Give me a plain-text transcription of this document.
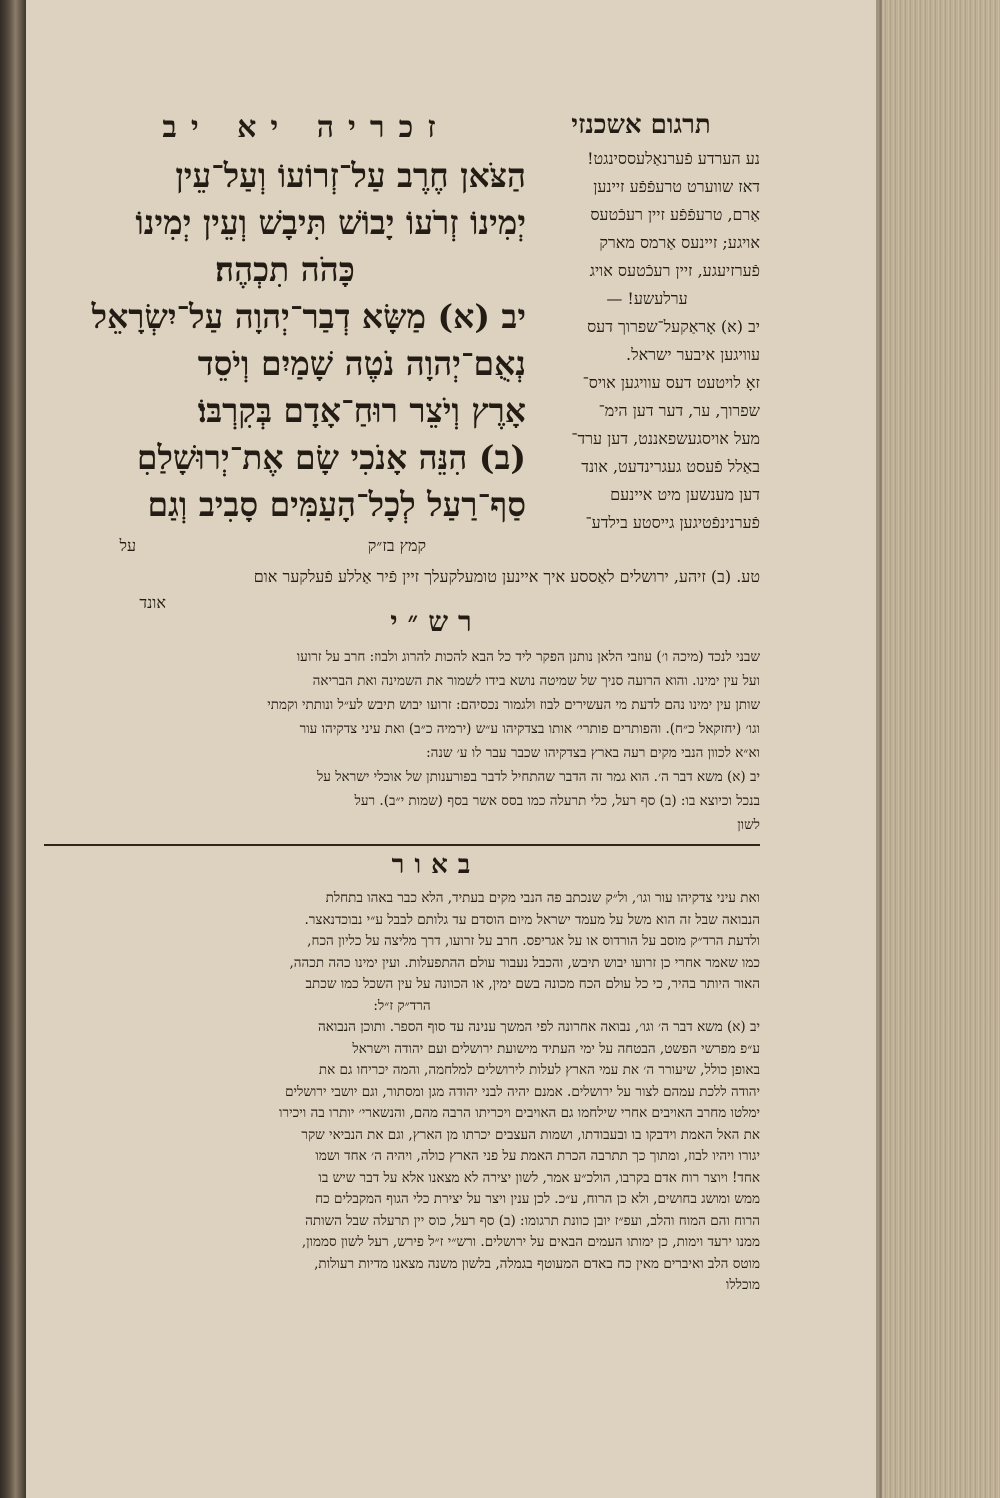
זכריה יא יב	תרגום אשכנזי
הַצֹּאן חֶרֶב עַל־זְרוֹעוֹ וְעַל־עֵין
יְמִינוֹ זְרֹעוֹ יָבוֹשׁ תִּיבָשׁ וְעֵין יְמִינוֹ
כָּהֹה תִכְהֶה׃
יב (א) מַשָּׂא דְבַר־יְהוָה עַל־יִשְׂרָאֵל
נְאֻם־יְהוָה נֹטֶה שָׁמַיִם וְיֹסֵד
אָרֶץ וְיֹצֵר רוּחַ־אָדָם בְּקִרְבּוֹ׃
(ב) הִנֵּה אָנֹכִי שָׂם אֶת־יְרוּשָׁלַםִ
סַף־רַעַל לְכָל־הָעַמִּים סָבִיב וְגַם
נע הערדע פֿערנאַלעססינגט!
דאז שווערט טרעפֿפֿע זיינען
אַרם, טרעפֿפֿע זיין רעכֿטעס
אויגע; זיינעס אַרמס מארק
פֿערזיעגע, זיין רעכֿטעס אויג
ערלעשע! —
יב (א) אָראַקעל־שפרוך דעס
עוויגען איבער ישראל.
זאָ לויטעט דעס עוויגען אויס־
שפרוך, ער, דער דען הימ־
מעל אויסגעשפאננט, דען ערד־
באַלל פֿעסט געגרינדעט, אונד
דען מענשען מיט איינעם
פֿערנינפֿטיגען גייסטע בילדע־
על	קמץ בז״ק
טע. (ב) זיהע, ירושלים לאַססע איך איינען טומעלקעלך זיין פֿיר אַללע פֿעלקער אום
אונד
רש״י
שבני לנכד (מיכה ו׳) עוזבי הלאן נותנן הפקר ליד כל הבא להכות להרוג ולבוז: חרב על זרועו
ועל עין ימינו. והוא הרועה סניך של שמיטה נושא בידו לשמור את השמינה ואת הבריאה
שותן עין ימינו נהם לדעת מי העשירים לבוז ולגמור נכסיהם: זרועו יבוש תיבש לע״ל ונותתי וקמתי
וגו׳ (יחזקאל כ״ח). והפותרים פותרי׳ אותו בצדקיהו ע״ש (ירמיה כ״ב) ואת עיני צדקיהו עור
וא״א לכוון הנבי מקים רעה בארץ בצדקיהו שכבר עבר לו ע׳ שנה:
יב (א) משא דבר ה׳. הוא גמר זה הדבר שהתחיל לדבר בפורענותן של אוכלי ישראל על
בנכל וכיוצא בו: (ב) סף רעל, כלי תרעלה כמו בסס אשר בסף (שמות י״ב). רעל
לשון
באור
ואת עיני צדקיהו עור וגו׳, ול״ק שנכתב פה הנבי מקים בעתיד, הלא כבר באהו בתחלת
הנבואה שבל זה הוא משל על מעמד ישראל מיום הוסדם עד גלותם לבבל ע״י נבוכדנאצר.
ולדעת הרד״ק מוסב על הורדוס או על אגריפס. חרב על זרועו, דרך מליצה על כליון הכח,
כמו שאמר אחרי כן זרועו יבוש תיבש, והכבל נעבור עולם ההתפעלות. ועין ימינו כהה תכהה,
האור היותר בהיר, כי כל עולם הכח מכונה בשם ימין, או הכוונה על עין השכל כמו שכתב
הרד״ק ז״ל:
יב (א) משא דבר ה׳ וגו׳, נבואה אחרונה לפי המשך ענינה עד סוף הספר. ותוכן הנבואה
ע״פ מפרשי הפשט, הבטחה על ימי העתיד מישועת ירושלים ועם יהודה וישראל
באופן כולל, שיעורר ה׳ את עמי הארץ לעלות לירושלים למלחמה, והמה יכריחו גם את
יהודה ללכת עמהם לצור על ירושלים. אמנם יהיה לבני יהודה מגן ומסתור, וגם יושבי ירושלים
ימלטו מחרב האויבים אחרי שילחמו גם האויבים ויכריתו הרבה מהם, והנשארי׳ יותרו בה ויכירו
את האל האמת וידבקו בו ובעבודתו, ושמות העצבים יכרתו מן הארץ, וגם את הנביאי שקר
יגורו ויהיו לבוז, ומתוך כך תתרבה הכרת האמת על פני הארץ כולה, ויהיה ה׳ אחד ושמו
אחד! ויוצר רוח אדם בקרבו, הולכ״ע אמר, לשון יצירה לא מצאנו אלא על דבר שיש בו
ממש ומושג בחושים, ולא כן הרוח, ע״כ. לכן ענין ויצר על יצירת כלי הגוף המקבלים כח
הרוח והם המוח והלב, ועפ״ז יובן כוונת תרגומו: (ב) סף רעל, כוס יין תרעלה שבל השותה
ממנו ירעד וימות, כן ימותו העמים הבאים על ירושלים. ורש״י ז״ל פירש, רעל לשון סממון,
מוטס הלב ואיברים מאין כח באדם המעוטף בגמלה, בלשון משנה מצאנו מדיות רעולות,
מוכללו
